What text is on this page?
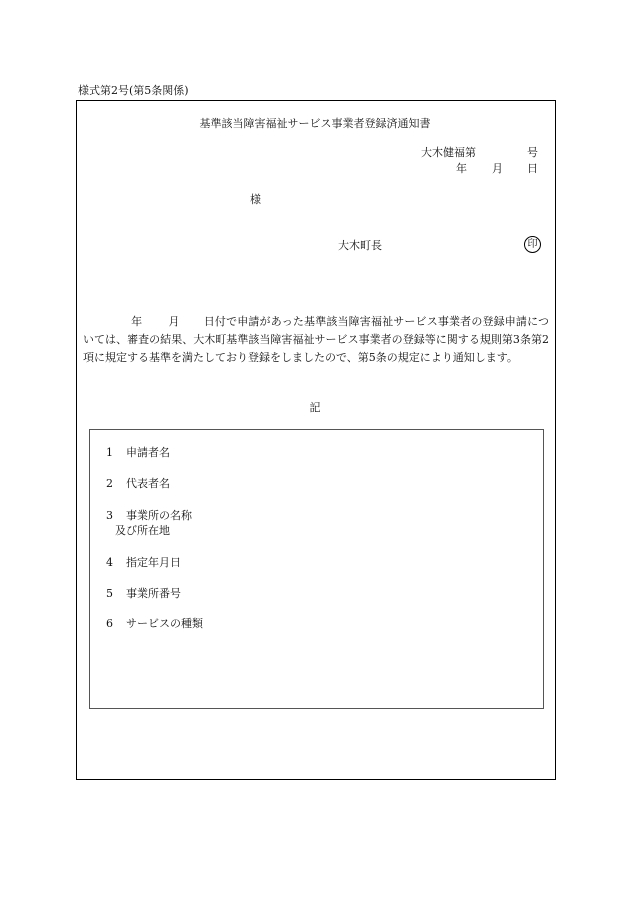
様式第2号(第5条関係)
基準該当障害福祉サービス事業者登録済通知書
大木健福第	号
年 月 日
様
大木町長	印
年 月 日付で申請があった基準該当障害福祉サービス事業者の登録申請については、審査の結果、大木町基準該当障害福祉サービス事業者の登録等に関する規則第3条第2項に規定する基準を満たしており登録をしましたので、第5条の規定により通知します。
記
1 申請者名
2 代表者名
3 事業所の名称
及び所在地
4 指定年月日
5 事業所番号
6 サービスの種類
